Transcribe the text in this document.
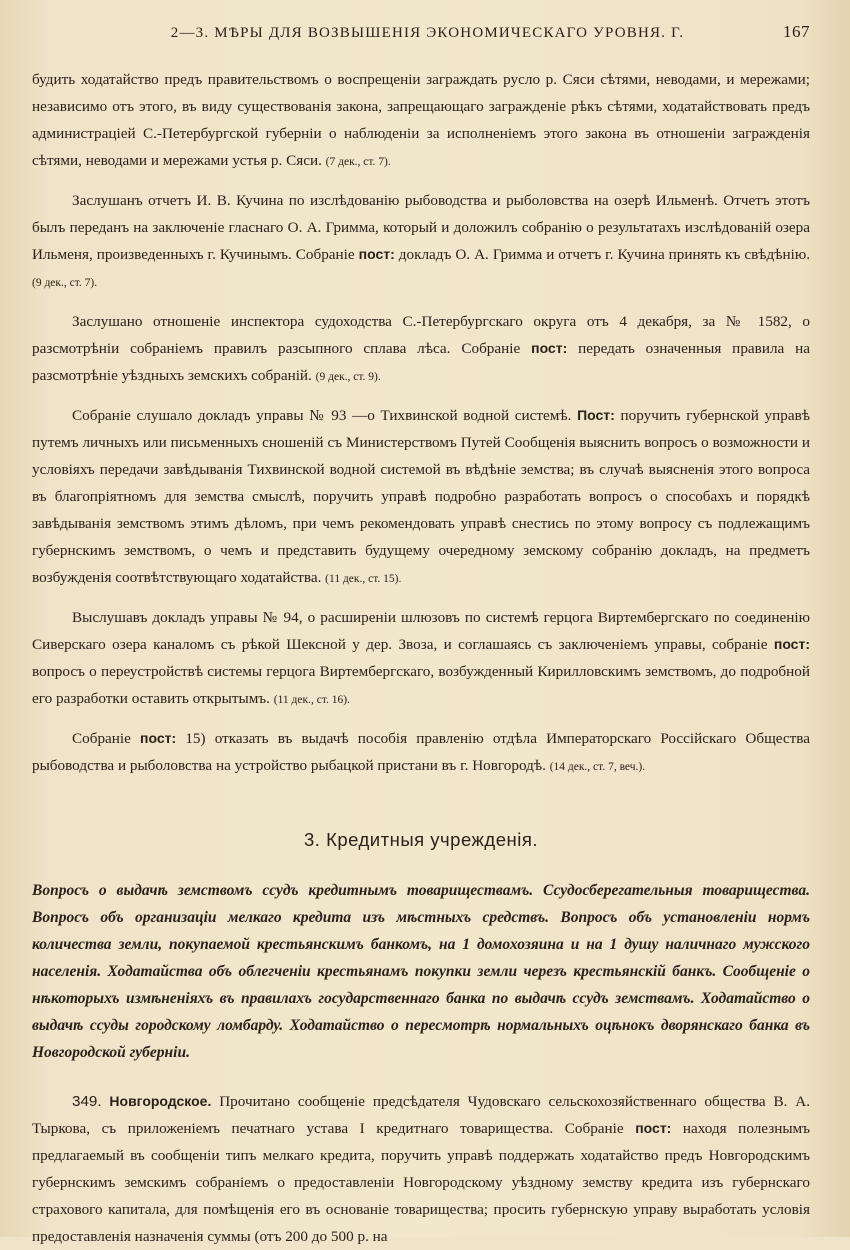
2—3. МѢРЫ ДЛЯ ВОЗВЫШЕНІЯ ЭКОНОМИЧЕСКАГО УРОВНЯ. Г.	167

будить ходатайство предъ правительствомъ о воспрещеніи заграждать русло р. Сяси сѣтями, неводами, и мережами; независимо отъ этого, въ виду существованія закона, запрещающаго загражденіе рѣкъ сѣтями, ходатайствовать предъ администраціей С.-Петербургской губерніи о наблюденіи за исполненіемъ этого закона въ отношеніи загражденія сѣтями, неводами и мережами устья р. Сяси. (7 дек., ст. 7).

Заслушанъ отчетъ И. В. Кучина по изслѣдованію рыбоводства и рыболовства на озерѣ Ильменѣ. Отчетъ этотъ былъ переданъ на заключеніе гласнаго О. А. Гримма, который и доложилъ собранію о результатахъ изслѣдованій озера Ильменя, произведенныхъ г. Кучинымъ. Собраніе пост: докладъ О. А. Гримма и отчетъ г. Кучина принять къ свѣдѣнію. (9 дек., ст. 7).

Заслушано отношеніе инспектора судоходства С.-Петербургскаго округа отъ 4 декабря, за № 1582, о разсмотрѣніи собраніемъ правилъ разсыпного сплава лѣса. Собраніе пост: передать означенныя правила на разсмотрѣніе уѣздныхъ земскихъ собраній. (9 дек., ст. 9).

Собраніе слушало докладъ управы № 93 —о Тихвинской водной системѣ. Пост: поручить губернской управѣ путемъ личныхъ или письменныхъ сношеній съ Министерствомъ Путей Сообщенія выяснить вопросъ о возможности и условіяхъ передачи завѣдыванія Тихвинской водной системой въ вѣдѣніе земства; въ случаѣ выясненія этого вопроса въ благопріятномъ для земства смыслѣ, поручить управѣ подробно разработать вопросъ о способахъ и порядкѣ завѣдыванія земствомъ этимъ дѣломъ, при чемъ рекомендовать управѣ снестись по этому вопросу съ подлежащимъ губернскимъ земствомъ, о чемъ и представить будущему очередному земскому собранію докладъ, на предметъ возбужденія соотвѣтствующаго ходатайства. (11 дек., ст. 15).

Выслушавъ докладъ управы № 94, о расширеніи шлюзовъ по системѣ герцога Виртембергскаго по соединенію Сиверскаго озера каналомъ съ рѣкой Шексной у дер. Звоза, и соглашаясь съ заключеніемъ управы, собраніе пост: вопросъ о переустройствѣ системы герцога Виртембергскаго, возбужденный Кирилловскимъ земствомъ, до подробной его разработки оставить открытымъ. (11 дек., ст. 16).

Собраніе пост: 15) отказать въ выдачѣ пособія правленію отдѣла Императорскаго Россійскаго Общества рыбоводства и рыболовства на устройство рыбацкой пристани въ г. Новгородѣ. (14 дек., ст. 7, веч.).

3. Кредитныя учрежденія.
Вопросъ о выдачѣ земствомъ ссудъ кредитнымъ товариществамъ. Ссудосберегательныя товарищества. Вопросъ объ организаціи мелкаго кредита изъ мѣстныхъ средствъ. Вопросъ объ установленіи нормъ количества земли, покупаемой крестьянскимъ банкомъ, на 1 домохозяина и на 1 душу наличнаго мужского населенія. Ходатайства объ облегченіи крестьянамъ покупки земли черезъ крестьянскій банкъ. Сообщеніе о нѣкоторыхъ измѣненіяхъ въ правилахъ государственнаго банка по выдачѣ ссудъ земствамъ. Ходатайство о выдачѣ ссуды городскому ломбарду. Ходатайство о пересмотрѣ нормальныхъ оцѣнокъ дворянскаго банка въ Новгородской губерніи.

349. Новгородское. Прочитано сообщеніе предсѣдателя Чудовскаго сельскохозяйственнаго общества В. А. Тыркова, съ приложеніемъ печатнаго устава I кредитнаго товарищества. Собраніе пост: находя полезнымъ предлагаемый въ сообщеніи типъ мелкаго кредита, поручить управѣ поддержать ходатайство предъ Новгородскимъ губернскимъ земскимъ собраніемъ о предоставленіи Новгородскому уѣздному земству кредита изъ губернскаго страхового капитала, для помѣщенія его въ основаніе товарищества; просить губернскую управу выработать условія предоставленія назначенія суммы (отъ 200 до 500 р. на
